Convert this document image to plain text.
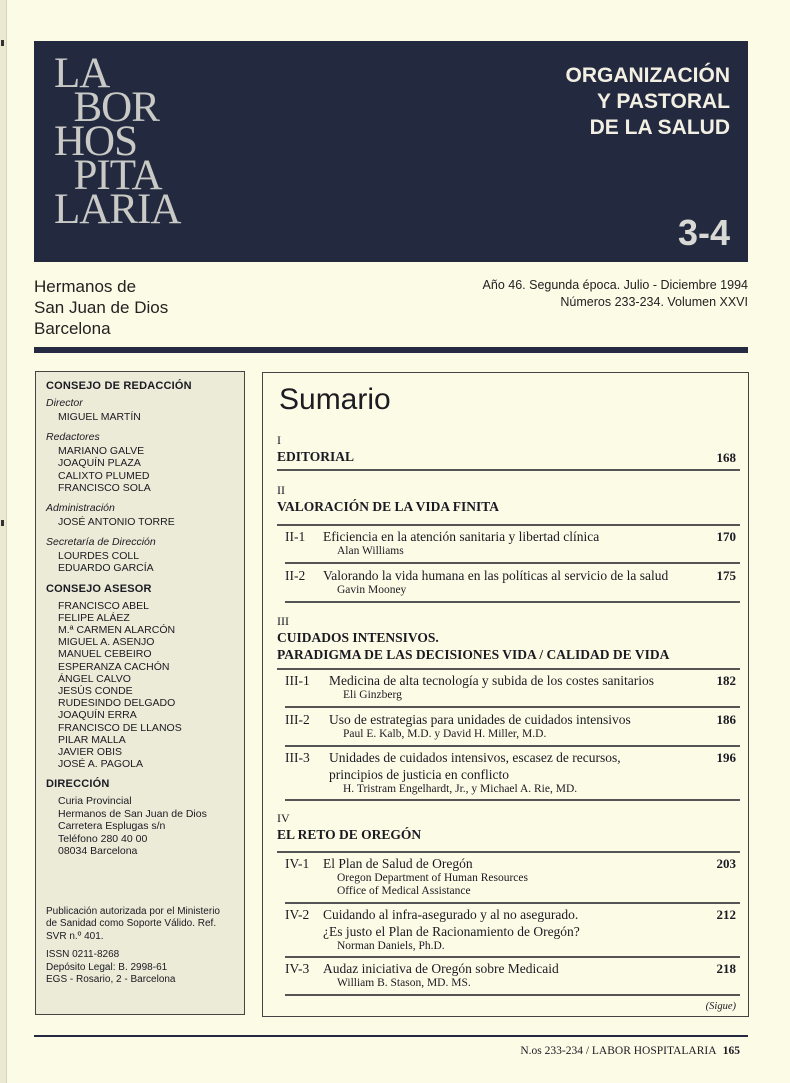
LA
BOR
HOS
PITA
LARIA
ORGANIZACIÓN
Y PASTORAL
DE LA SALUD
3-4
Hermanos de
San Juan de Dios
Barcelona
Año 46. Segunda época. Julio - Diciembre 1994
Números 233-234. Volumen XXVI
CONSEJO DE REDACCIÓN
Director
MIGUEL MARTÍN
Redactores
MARIANO GALVE
JOAQUÍN PLAZA
CALIXTO PLUMED
FRANCISCO SOLA
Administración
JOSÉ ANTONIO TORRE
Secretaría de Dirección
LOURDES COLL
EDUARDO GARCÍA
CONSEJO ASESOR
FRANCISCO ABEL
FELIPE ALÁEZ
M.ª CARMEN ALARCÓN
MIGUEL A. ASENJO
MANUEL CEBEIRO
ESPERANZA CACHÓN
ÁNGEL CALVO
JESÚS CONDE
RUDESINDO DELGADO
JOAQUÍN ERRA
FRANCISCO DE LLANOS
PILAR MALLA
JAVIER OBIS
JOSÉ A. PAGOLA
DIRECCIÓN
Curia Provincial
Hermanos de San Juan de Dios
Carretera Esplugas s/n
Teléfono 280 40 00
08034 Barcelona
Publicación autorizada por el Ministerio
de Sanidad como Soporte Válido. Ref.
SVR n.º 401.
ISSN 0211-8268
Depósito Legal: B. 2998-61
EGS - Rosario, 2 - Barcelona
Sumario
I
EDITORIAL	168
II
VALORACIÓN DE LA VIDA FINITA
II-1 Eficiencia en la atención sanitaria y libertad clínica
Alan Williams
170
II-2 Valorando la vida humana en las políticas al servicio de la salud
Gavin Mooney
175
III
CUIDADOS INTENSIVOS.
PARADIGMA DE LAS DECISIONES VIDA / CALIDAD DE VIDA
III-1 Medicina de alta tecnología y subida de los costes sanitarios
Eli Ginzberg
182
III-2 Uso de estrategias para unidades de cuidados intensivos
Paul E. Kalb, M.D. y David H. Miller, M.D.
186
III-3 Unidades de cuidados intensivos, escasez de recursos,
principios de justicia en conflicto
H. Tristram Engelhardt, Jr., y Michael A. Rie, MD.
196
IV
EL RETO DE OREGÓN
IV-1 El Plan de Salud de Oregón
Oregon Department of Human Resources
Office of Medical Assistance
203
IV-2 Cuidando al infra-asegurado y al no asegurado.
¿Es justo el Plan de Racionamiento de Oregón?
Norman Daniels, Ph.D.
212
IV-3 Audaz iniciativa de Oregón sobre Medicaid
William B. Stason, MD. MS.
218
(Sigue)
N.os 233-234 / LABOR HOSPITALARIA 165
